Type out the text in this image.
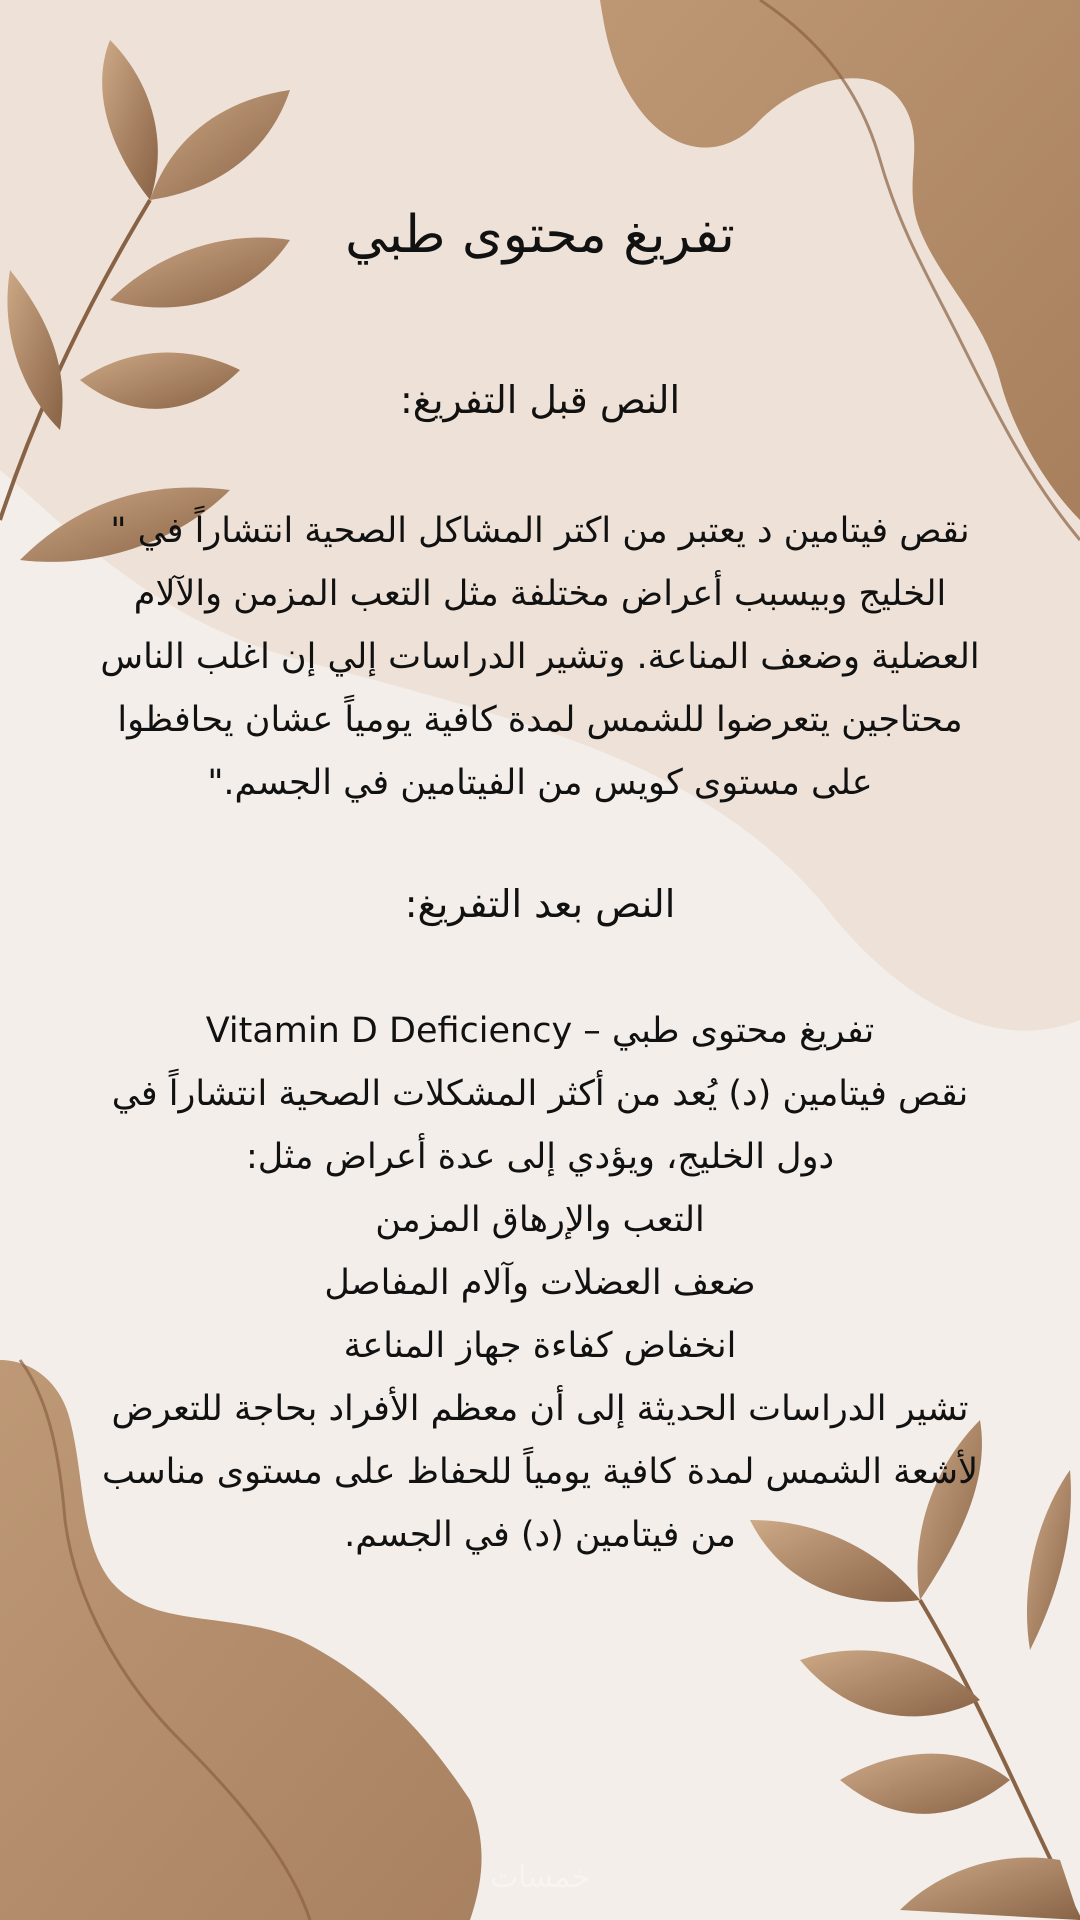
تفريغ محتوى طبي
النص قبل التفريغ:
نقص فيتامين د يعتبر من اكتر المشاكل الصحية انتشاراً في "
الخليج وبيسبب أعراض مختلفة مثل التعب المزمن والآلام
العضلية وضعف المناعة. وتشير الدراسات إلي إن اغلب الناس
محتاجين يتعرضوا للشمس لمدة كافية يومياً عشان يحافظوا
على مستوى كويس من الفيتامين في الجسم."
النص بعد التفريغ:
تفريغ محتوى طبي – Vitamin D Deficiency
نقص فيتامين (د) يُعد من أكثر المشكلات الصحية انتشاراً في
دول الخليج، ويؤدي إلى عدة أعراض مثل:
التعب والإرهاق المزمن
ضعف العضلات وآلام المفاصل
انخفاض كفاءة جهاز المناعة
تشير الدراسات الحديثة إلى أن معظم الأفراد بحاجة للتعرض
لأشعة الشمس لمدة كافية يومياً للحفاظ على مستوى مناسب
من فيتامين (د) في الجسم.
خمسات
